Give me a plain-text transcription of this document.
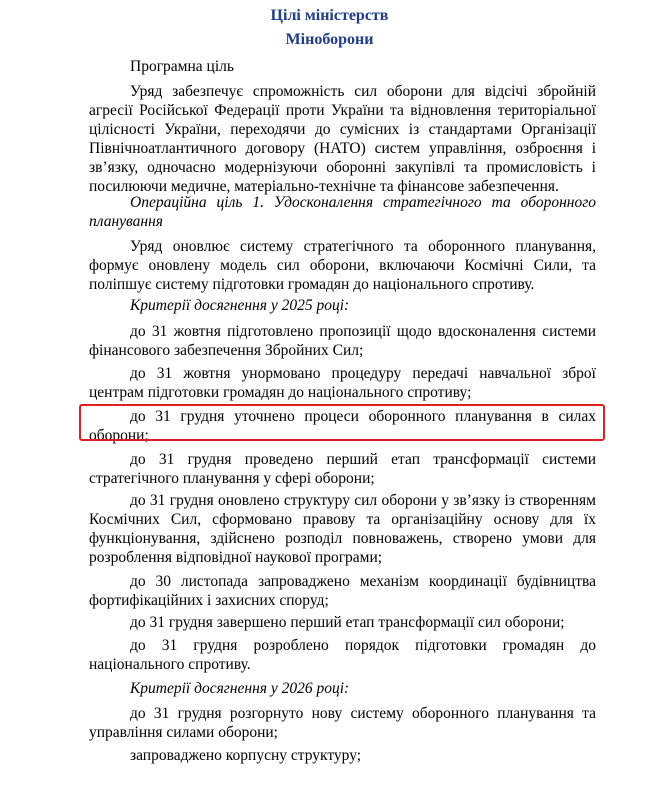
Цілі міністерств
Міноборони
Програмна ціль
Уряд забезпечує спроможність сил оборони для відсічі збройній
агресії Російської Федерації проти України та відновлення територіальної
цілісності України, переходячи до сумісних із стандартами Організації
Північноатлантичного договору (НАТО) систем управління, озброєння і
зв’язку, одночасно модернізуючи оборонні закупівлі та промисловість і
посилюючи медичне, матеріально-технічне та фінансове забезпечення.
Операційна ціль 1. Удосконалення стратегічного та оборонного
планування
Уряд оновлює систему стратегічного та оборонного планування,
формує оновлену модель сил оборони, включаючи Космічні Сили, та
поліпшує систему підготовки громадян до національного спротиву.
Критерії досягнення у 2025 році:
до 31 жовтня підготовлено пропозиції щодо вдосконалення системи
фінансового забезпечення Збройних Сил;
до 31 жовтня унормовано процедуру передачі навчальної зброї
центрам підготовки громадян до національного спротиву;
до 31 грудня уточнено процеси оборонного планування в силах
оборони;
до 31 грудня проведено перший етап трансформації системи
стратегічного планування у сфері оборони;
до 31 грудня оновлено структуру сил оборони у зв’язку із створенням
Космічних Сил, сформовано правову та організаційну основу для їх
функціонування, здійснено розподіл повноважень, створено умови для
розроблення відповідної наукової програми;
до 30 листопада запроваджено механізм координації будівництва
фортифікаційних і захисних споруд;
до 31 грудня завершено перший етап трансформації сил оборони;
до 31 грудня розроблено порядок підготовки громадян до
національного спротиву.
Критерії досягнення у 2026 році:
до 31 грудня розгорнуто нову систему оборонного планування та
управління силами оборони;
запроваджено корпусну структуру;
